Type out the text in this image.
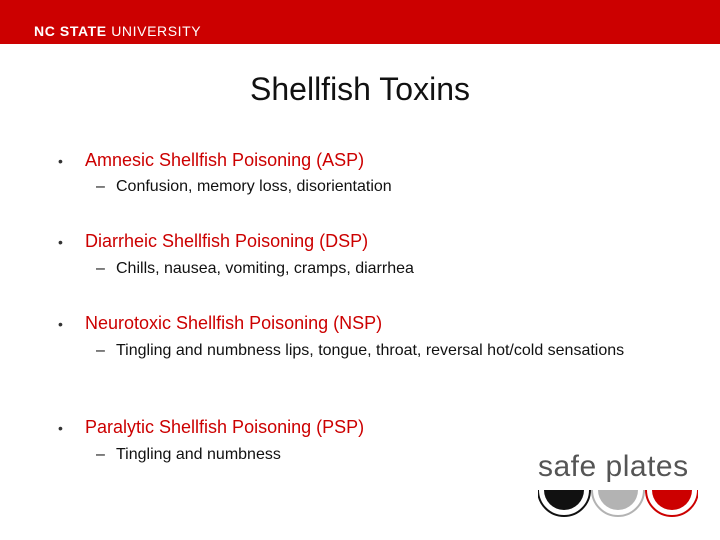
NC STATE UNIVERSITY
Shellfish Toxins
•	Amnesic Shellfish Poisoning (ASP)
– Confusion, memory loss, disorientation
•	Diarrheic Shellfish Poisoning (DSP)
– Chills, nausea, vomiting, cramps, diarrhea
•	Neurotoxic Shellfish Poisoning (NSP)
– Tingling and numbness lips, tongue, throat, reversal hot/cold sensations
•	Paralytic Shellfish Poisoning (PSP)
– Tingling and numbness	safe plates
